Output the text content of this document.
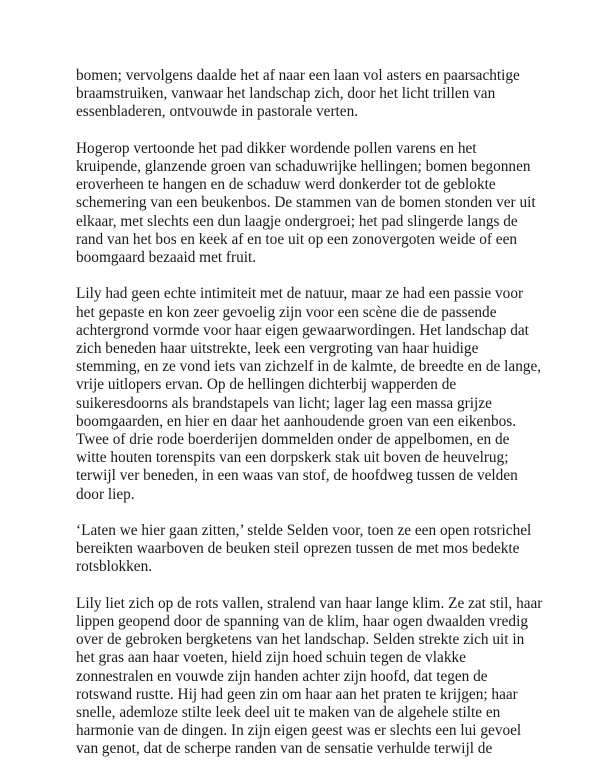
bomen; vervolgens daalde het af naar een laan vol asters en paarsachtige
braamstruiken, vanwaar het landschap zich, door het licht trillen van
essenbladeren, ontvouwde in pastorale verten.

Hogerop vertoonde het pad dikker wordende pollen varens en het
kruipende, glanzende groen van schaduwrijke hellingen; bomen begonnen
eroverheen te hangen en de schaduw werd donkerder tot de geblokte
schemering van een beukenbos. De stammen van de bomen stonden ver uit
elkaar, met slechts een dun laagje ondergroei; het pad slingerde langs de
rand van het bos en keek af en toe uit op een zonovergoten weide of een
boomgaard bezaaid met fruit.

Lily had geen echte intimiteit met de natuur, maar ze had een passie voor
het gepaste en kon zeer gevoelig zijn voor een scène die de passende
achtergrond vormde voor haar eigen gewaarwordingen. Het landschap dat
zich beneden haar uitstrekte, leek een vergroting van haar huidige
stemming, en ze vond iets van zichzelf in de kalmte, de breedte en de lange,
vrije uitlopers ervan. Op de hellingen dichterbij wapperden de
suikeresdoorns als brandstapels van licht; lager lag een massa grijze
boomgaarden, en hier en daar het aanhoudende groen van een eikenbos.
Twee of drie rode boerderijen dommelden onder de appelbomen, en de
witte houten torenspits van een dorpskerk stak uit boven de heuvelrug;
terwijl ver beneden, in een waas van stof, de hoofdweg tussen de velden
door liep.

‘Laten we hier gaan zitten,’ stelde Selden voor, toen ze een open rotsrichel
bereikten waarboven de beuken steil oprezen tussen de met mos bedekte
rotsblokken.

Lily liet zich op de rots vallen, stralend van haar lange klim. Ze zat stil, haar
lippen geopend door de spanning van de klim, haar ogen dwaalden vredig
over de gebroken bergketens van het landschap. Selden strekte zich uit in
het gras aan haar voeten, hield zijn hoed schuin tegen de vlakke
zonnestralen en vouwde zijn handen achter zijn hoofd, dat tegen de
rotswand rustte. Hij had geen zin om haar aan het praten te krijgen; haar
snelle, ademloze stilte leek deel uit te maken van de algehele stilte en
harmonie van de dingen. In zijn eigen geest was er slechts een lui gevoel
van genot, dat de scherpe randen van de sensatie verhulde terwijl de
